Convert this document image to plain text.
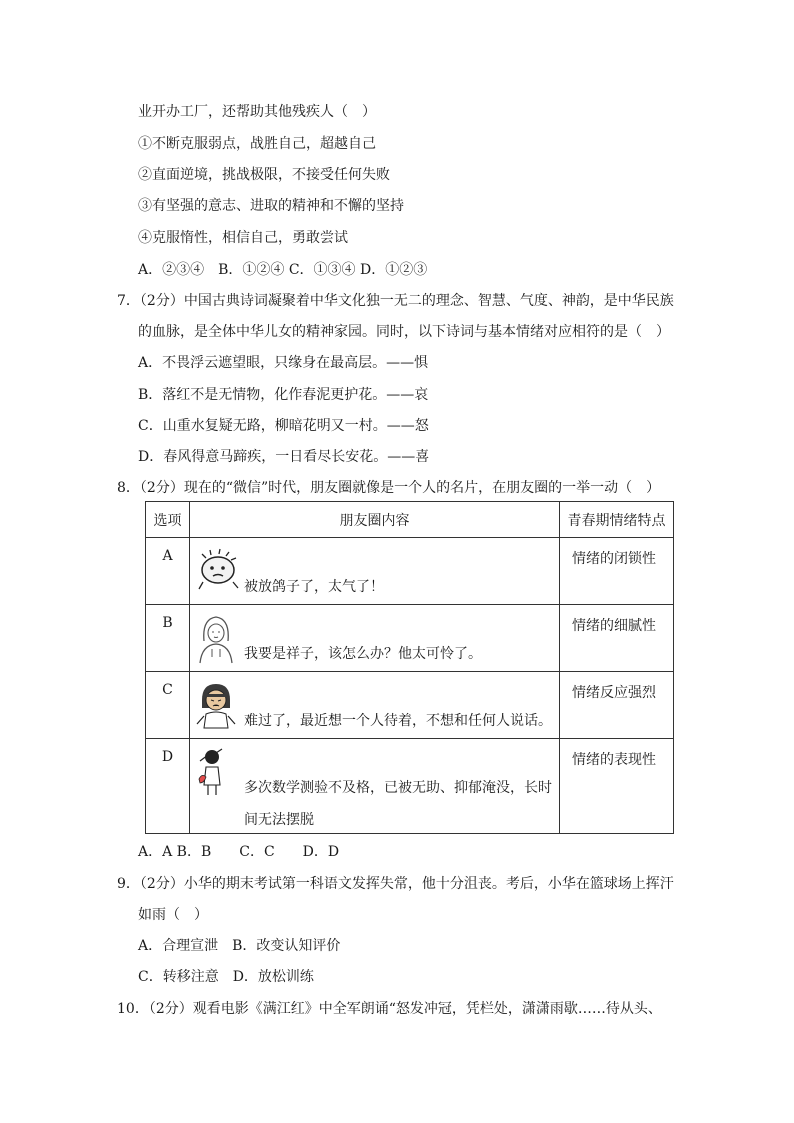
业开办工厂，还帮助其他残疾人（　）
①不断克服弱点，战胜自己，超越自己
②直面逆境，挑战极限，不接受任何失败
③有坚强的意志、进取的精神和不懈的坚持
④克服惰性，相信自己，勇敢尝试
A．②③④　B．①②④ C．①③④ D．①②③
7．（2分）中国古典诗词凝聚着中华文化独一无二的理念、智慧、气度、神韵，是中华民族
的血脉，是全体中华儿女的精神家园。同时，以下诗词与基本情绪对应相符的是（　）
A．不畏浮云遮望眼，只缘身在最高层。——惧
B．落红不是无情物，化作春泥更护花。——哀
C．山重水复疑无路，柳暗花明又一村。——怒
D．春风得意马蹄疾，一日看尽长安花。——喜
8．（2分）现在的“微信”时代，朋友圈就像是一个人的名片，在朋友圈的一举一动（　）
选项	朋友圈内容	青春期情绪特点
A	被放鸽子了，太气了！	情绪的闭锁性
B	我要是祥子，该怎么办？他太可怜了。	情绪的细腻性
C	难过了，最近想一个人待着，不想和任何人说话。	情绪反应强烈
D	多次数学测验不及格，已被无助、抑郁淹没，长时间无法摆脱	情绪的表现性
A．A B．B　　C．C　　D．D
9．（2分）小华的期末考试第一科语文发挥失常，他十分沮丧。考后，小华在篮球场上挥汗
如雨（　）
A．合理宣泄　B．改变认知评价
C．转移注意　D．放松训练
10．（2分）观看电影《满江红》中全军朗诵“怒发冲冠，凭栏处，潇潇雨歇……待从头、
